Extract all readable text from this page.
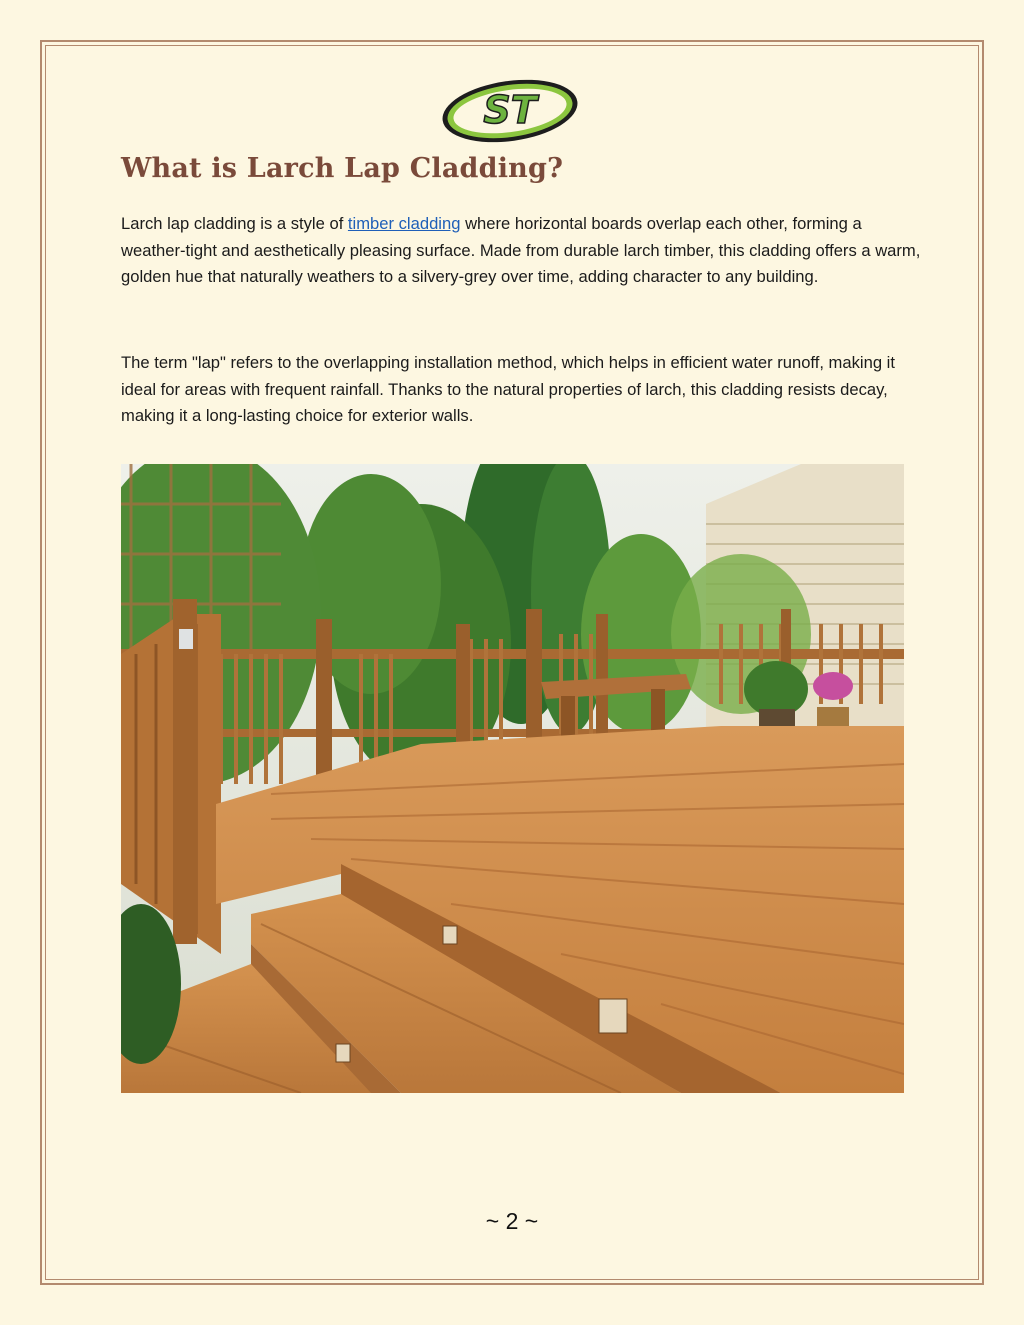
ST
What is Larch Lap Cladding?

Larch lap cladding is a style of timber cladding where horizontal boards overlap each other, forming a weather-tight and aesthetically pleasing surface. Made from durable larch timber, this cladding offers a warm, golden hue that naturally weathers to a silvery-grey over time, adding character to any building.

The term "lap" refers to the overlapping installation method, which helps in efficient water runoff, making it ideal for areas with frequent rainfall. Thanks to the natural properties of larch, this cladding resists decay, making it a long-lasting choice for exterior walls.

~ 2 ~
